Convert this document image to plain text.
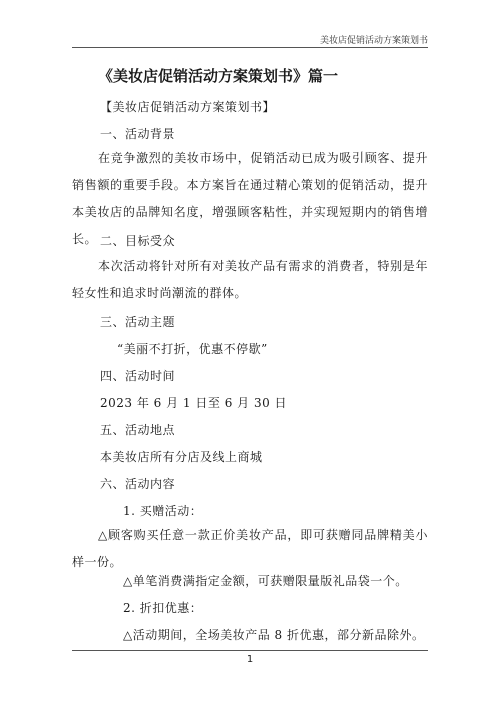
美妆店促销活动方案策划书
《美妆店促销活动方案策划书》篇一
【美妆店促销活动方案策划书】
一、活动背景
在竞争激烈的美妆市场中，促销活动已成为吸引顾客、提升销售额的重要手段。本方案旨在通过精心策划的促销活动，提升本美妆店的品牌知名度，增强顾客粘性，并实现短期内的销售增长。 二、目标受众
本次活动将针对所有对美妆产品有需求的消费者，特别是年轻女性和追求时尚潮流的群体。
三、活动主题
“美丽不打折，优惠不停歇”
四、活动时间
2023 年 6 月 1 日至 6 月 30 日
五、活动地点
本美妆店所有分店及线上商城
六、活动内容
1. 买赠活动：
△顾客购买任意一款正价美妆产品，即可获赠同品牌精美小样一份。
△单笔消费满指定金额，可获赠限量版礼品袋一个。
2. 折扣优惠：
△活动期间，全场美妆产品 8 折优惠，部分新品除外。
1
